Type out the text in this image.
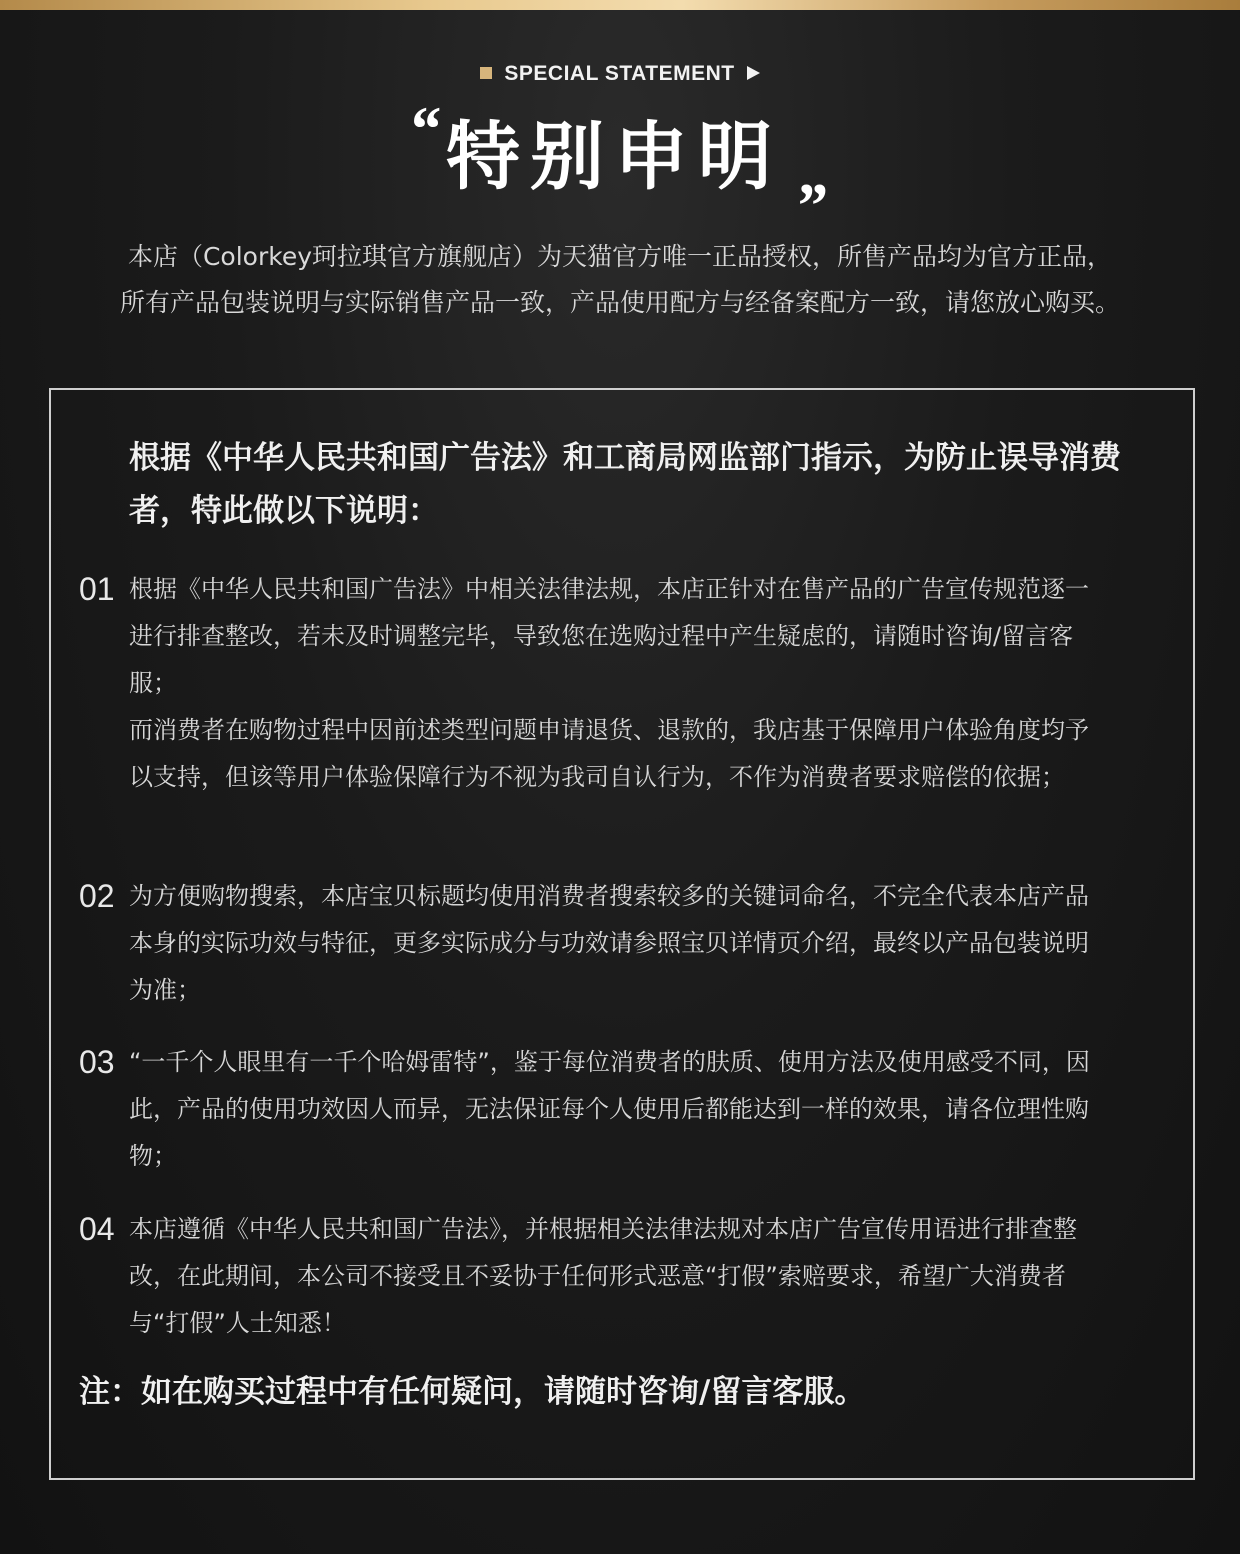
SPECIAL STATEMENT
“特别申明 „
本店（Colorkey珂拉琪官方旗舰店）为天猫官方唯一正品授权，所售产品均为官方正品，
所有产品包装说明与实际销售产品一致，产品使用配方与经备案配方一致，请您放心购买。
根据《中华人民共和国广告法》和工商局网监部门指示，为防止误导消费者，特此做以下说明：
01 根据《中华人民共和国广告法》中相关法律法规，本店正针对在售产品的广告宣传规范逐一进行排查整改，若未及时调整完毕，导致您在选购过程中产生疑虑的，请随时咨询/留言客服；

而消费者在购物过程中因前述类型问题申请退货、退款的，我店基于保障用户体验角度均予以支持，但该等用户体验保障行为不视为我司自认行为，不作为消费者要求赔偿的依据；

02 为方便购物搜索，本店宝贝标题均使用消费者搜索较多的关键词命名，不完全代表本店产品本身的实际功效与特征，更多实际成分与功效请参照宝贝详情页介绍，最终以产品包装说明为准；

03 “一千个人眼里有一千个哈姆雷特”，鉴于每位消费者的肤质、使用方法及使用感受不同，因此，产品的使用功效因人而异，无法保证每个人使用后都能达到一样的效果，请各位理性购物；

04 本店遵循《中华人民共和国广告法》，并根据相关法律法规对本店广告宣传用语进行排查整改，在此期间，本公司不接受且不妥协于任何形式恶意“打假”索赔要求，希望广大消费者与“打假”人士知悉！

注：如在购买过程中有任何疑问，请随时咨询/留言客服。
